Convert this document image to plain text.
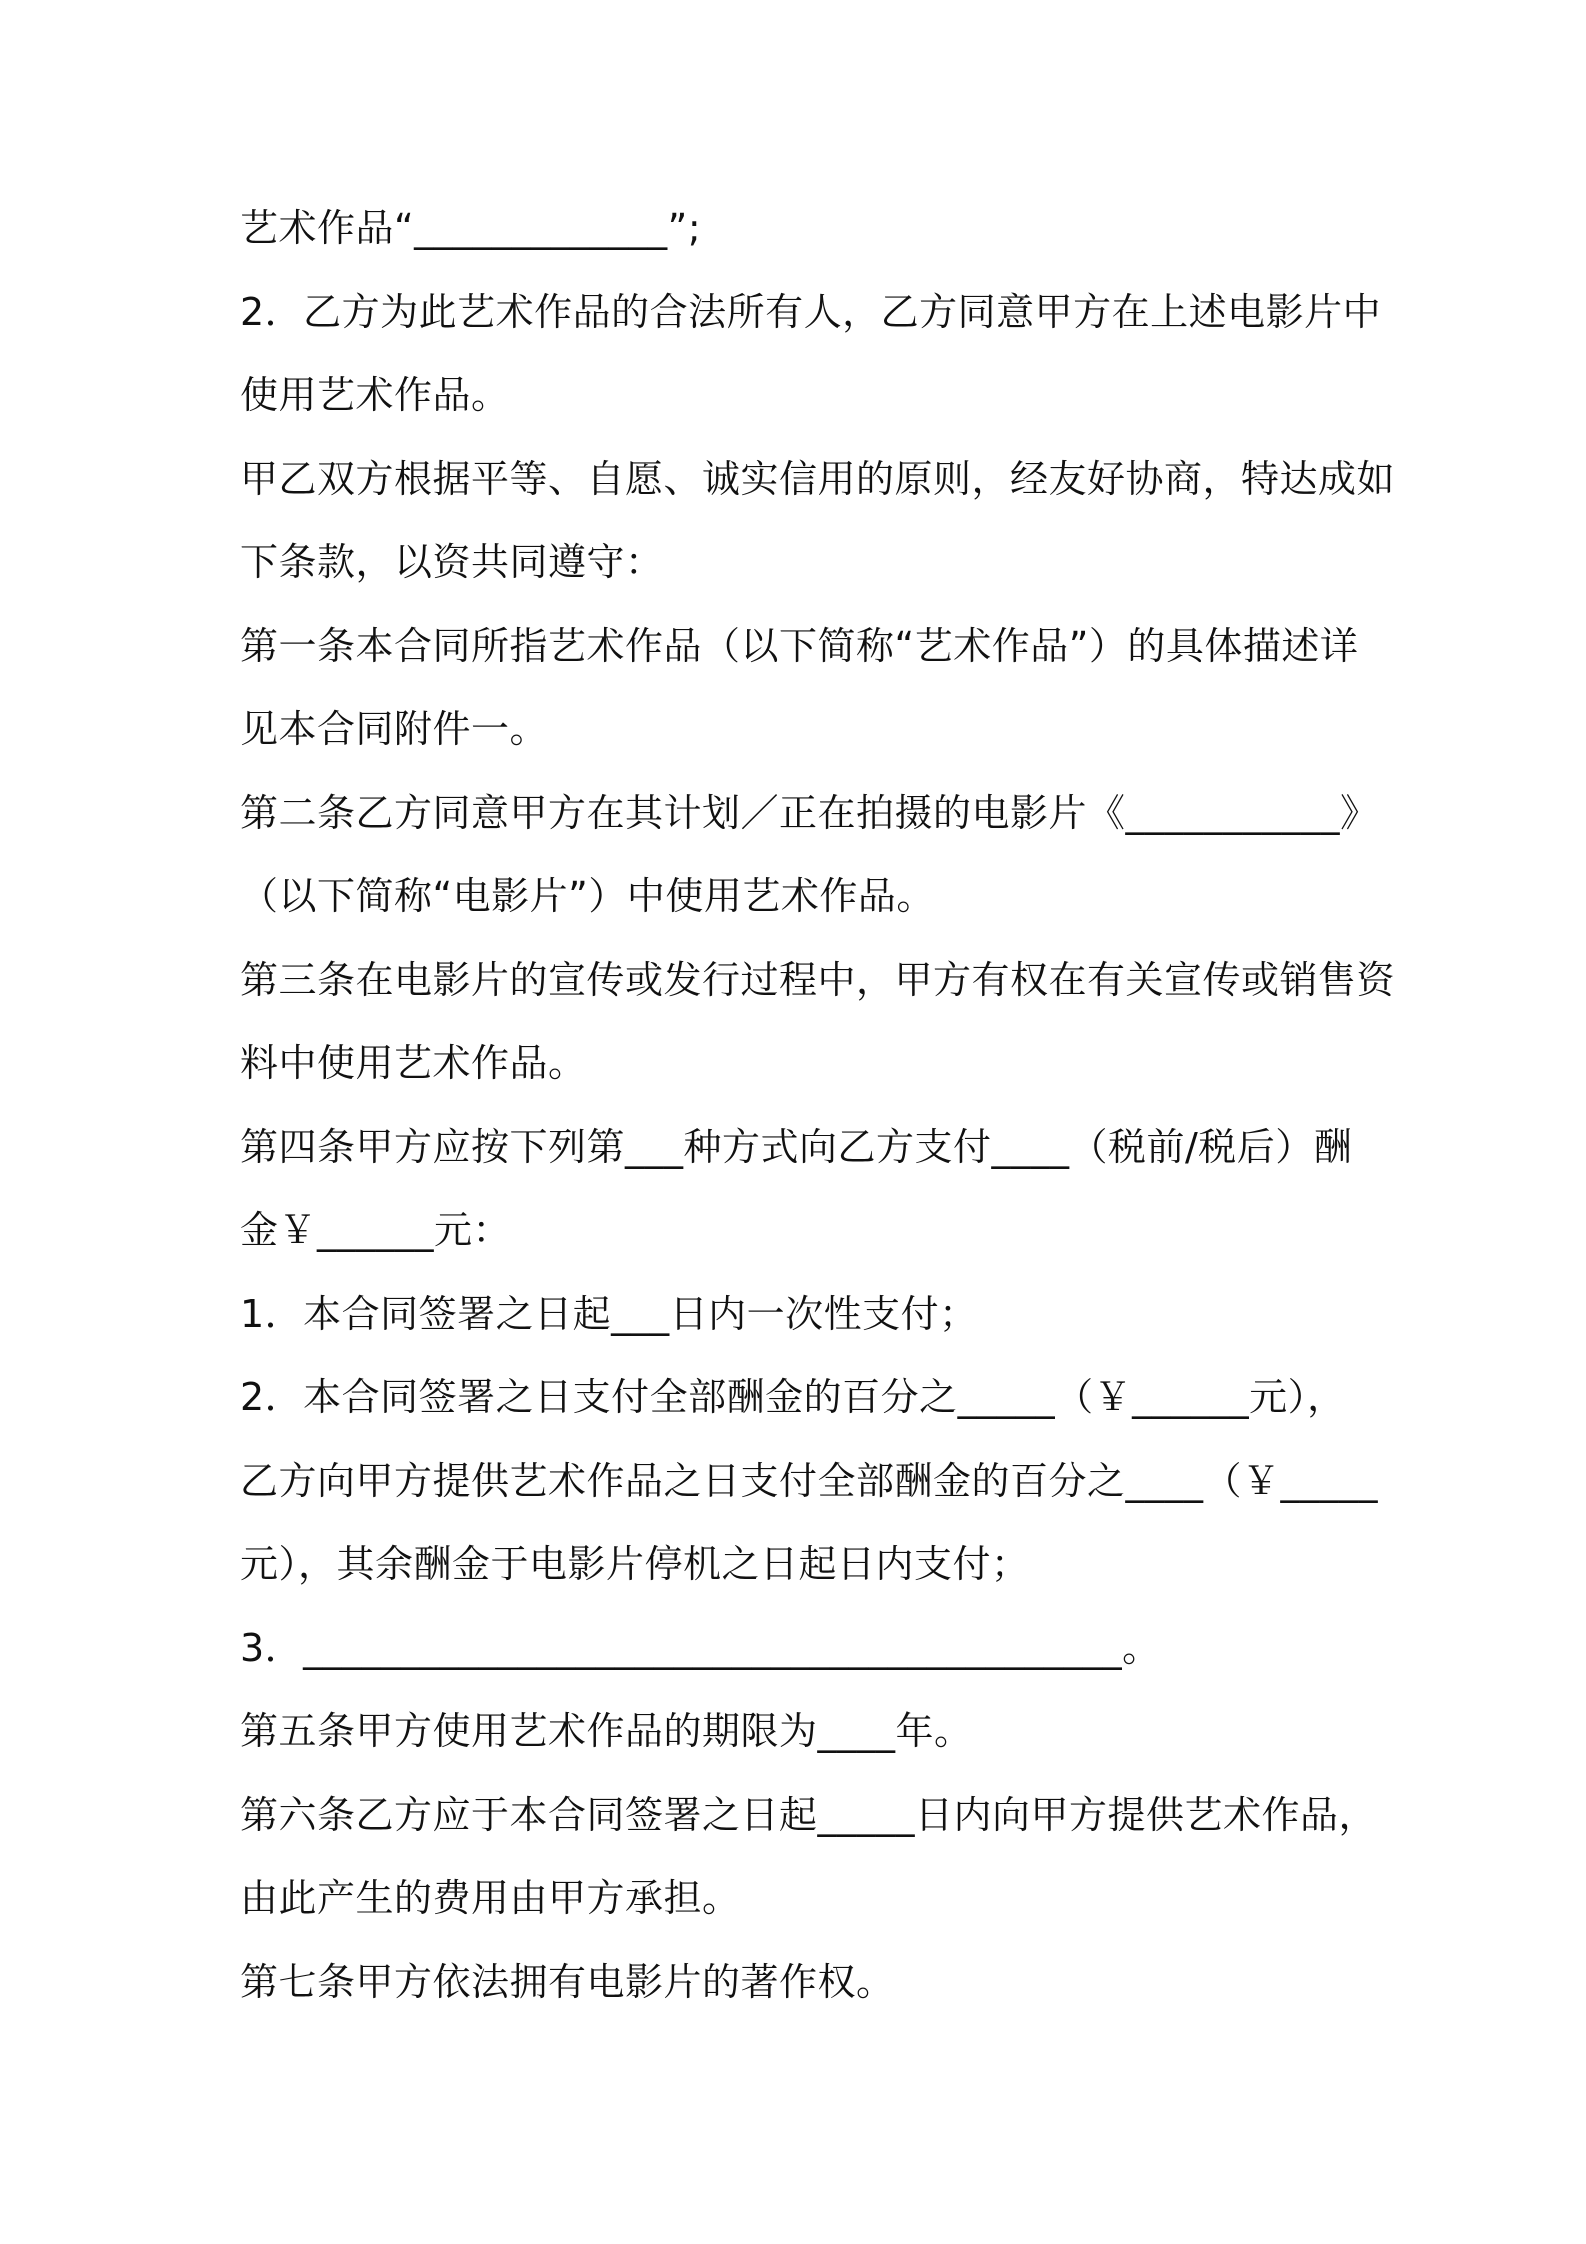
艺术作品“_____________”;
2．乙方为此艺术作品的合法所有人，乙方同意甲方在上述电影片中
使用艺术作品。
甲乙双方根据平等、自愿、诚实信用的原则，经友好协商，特达成如
下条款，以资共同遵守：
第一条本合同所指艺术作品（以下简称“艺术作品”）的具体描述详
见本合同附件一。
第二条乙方同意甲方在其计划／正在拍摄的电影片《___________》
（以下简称“电影片”）中使用艺术作品。
第三条在电影片的宣传或发行过程中，甲方有权在有关宣传或销售资
料中使用艺术作品。
第四条甲方应按下列第___种方式向乙方支付____（税前/税后）酬
金￥______元：
1．本合同签署之日起___日内一次性支付；
2．本合同签署之日支付全部酬金的百分之_____（￥______元），
乙方向甲方提供艺术作品之日支付全部酬金的百分之____（￥_____
元），其余酬金于电影片停机之日起日内支付；
3．__________________________________________。
第五条甲方使用艺术作品的期限为____年。
第六条乙方应于本合同签署之日起_____日内向甲方提供艺术作品，
由此产生的费用由甲方承担。
第七条甲方依法拥有电影片的著作权。
